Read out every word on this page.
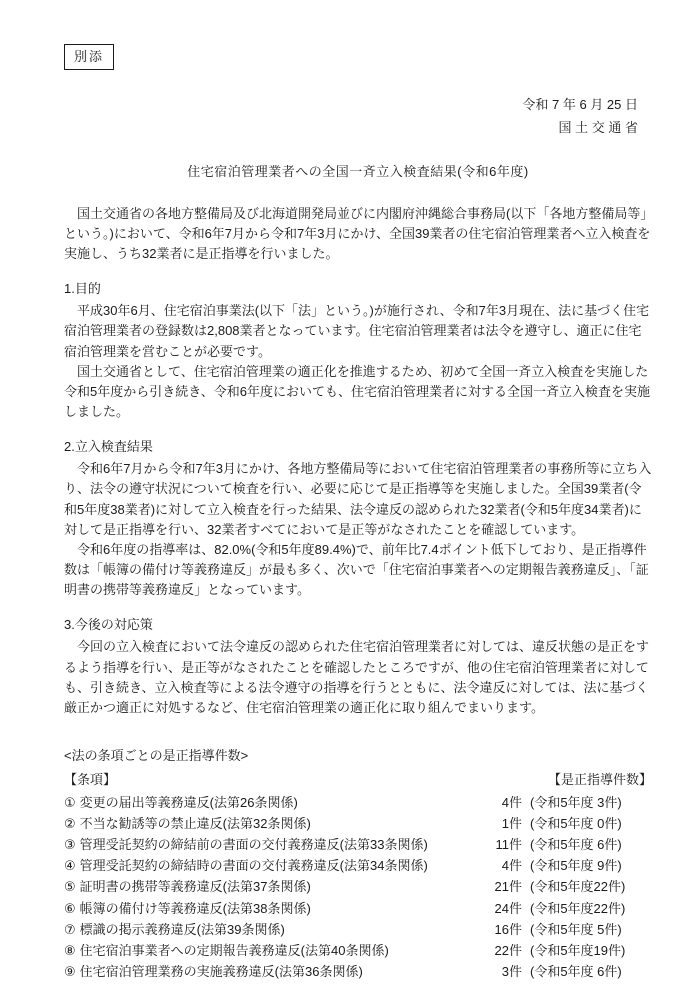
別添
令和 7 年 6 月 25 日
国 土 交 通 省
住宅宿泊管理業者への全国一斉立入検査結果(令和6年度)

国土交通省の各地方整備局及び北海道開発局並びに内閣府沖縄総合事務局(以下「各地方整備局等」という。)において、令和6年7月から令和7年3月にかけ、全国39業者の住宅宿泊管理業者へ立入検査を実施し、うち32業者に是正指導を行いました。

1.目的

平成30年6月、住宅宿泊事業法(以下「法」という。)が施行され、令和7年3月現在、法に基づく住宅宿泊管理業者の登録数は2,808業者となっています。住宅宿泊管理業者は法令を遵守し、適正に住宅宿泊管理業を営むことが必要です。

国土交通省として、住宅宿泊管理業の適正化を推進するため、初めて全国一斉立入検査を実施した令和5年度から引き続き、令和6年度においても、住宅宿泊管理業者に対する全国一斉立入検査を実施しました。

2.立入検査結果

令和6年7月から令和7年3月にかけ、各地方整備局等において住宅宿泊管理業者の事務所等に立ち入り、法令の遵守状況について検査を行い、必要に応じて是正指導等を実施しました。全国39業者(令和5年度38業者)に対して立入検査を行った結果、法令違反の認められた32業者(令和5年度34業者)に対して是正指導を行い、32業者すべてにおいて是正等がなされたことを確認しています。

令和6年度の指導率は、82.0%(令和5年度89.4%)で、前年比7.4ポイント低下しており、是正指導件数は「帳簿の備付け等義務違反」が最も多く、次いで「住宅宿泊事業者への定期報告義務違反」、「証明書の携帯等義務違反」となっています。

3.今後の対応策

今回の立入検査において法令違反の認められた住宅宿泊管理業者に対しては、違反状態の是正をするよう指導を行い、是正等がなされたことを確認したところですが、他の住宅宿泊管理業者に対しても、引き続き、立入検査等による法令遵守の指導を行うとともに、法令違反に対しては、法に基づく厳正かつ適正に対処するなど、住宅宿泊管理業の適正化に取り組んでまいります。

<法の条項ごとの是正指導件数>
【条項】	【是正指導件数】
① 変更の届出等義務違反(法第26条関係)	4件 (令和5年度 3件)
② 不当な勧誘等の禁止違反(法第32条関係)	1件 (令和5年度 0件)
③ 管理受託契約の締結前の書面の交付義務違反(法第33条関係)	11件 (令和5年度 6件)
④ 管理受託契約の締結時の書面の交付義務違反(法第34条関係)	4件 (令和5年度 9件)
⑤ 証明書の携帯等義務違反(法第37条関係)	21件 (令和5年度22件)
⑥ 帳簿の備付け等義務違反(法第38条関係)	24件 (令和5年度22件)
⑦ 標識の掲示義務違反(法第39条関係)	16件 (令和5年度 5件)
⑧ 住宅宿泊事業者への定期報告義務違反(法第40条関係)	22件 (令和5年度19件)
⑨ 住宅宿泊管理業務の実施義務違反(法第36条関係)	3件 (令和5年度 6件)
